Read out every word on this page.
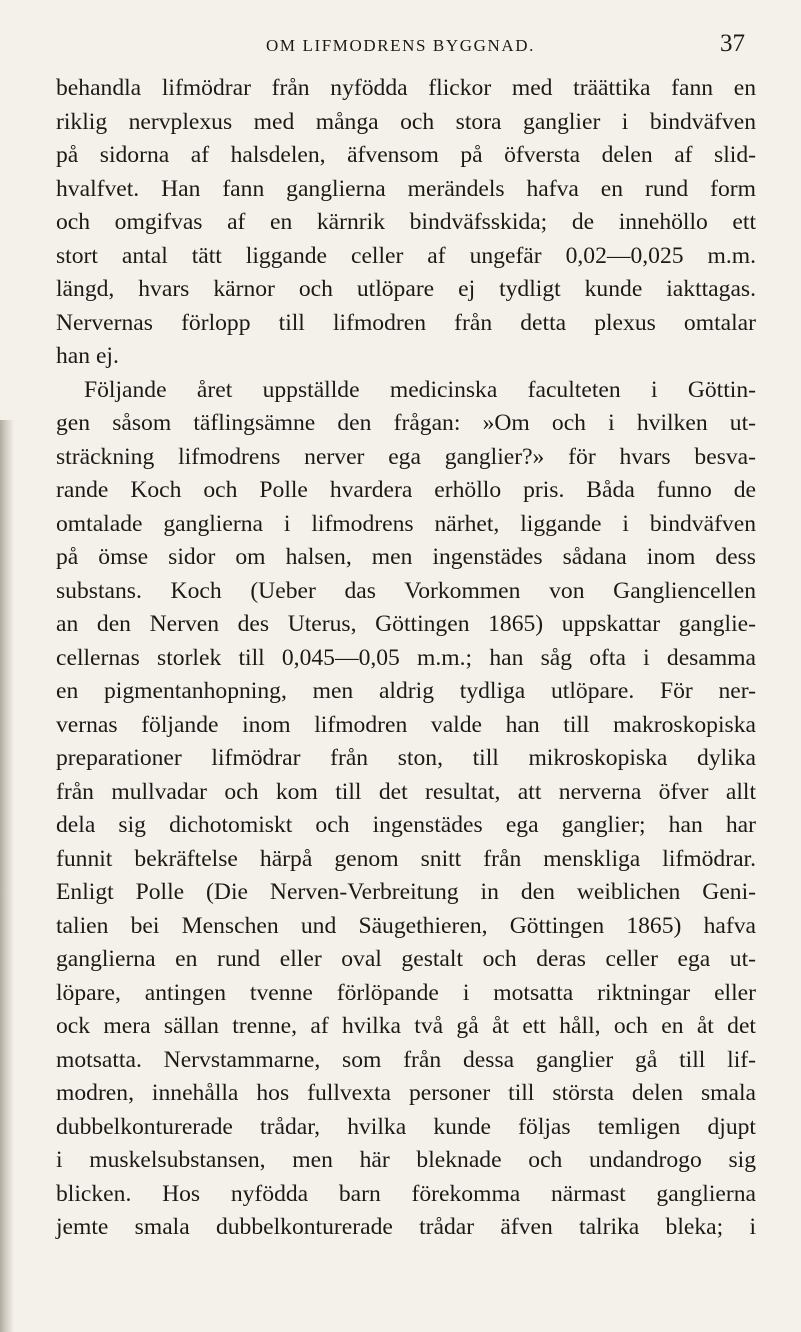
OM LIFMODRENS BYGGNAD.	37
behandla lifmödrar från nyfödda flickor med träättika fann en
riklig nervplexus med många och stora ganglier i bindväfven
på sidorna af halsdelen, äfvensom på öfversta delen af slid-
hvalfvet. Han fann ganglierna merändels hafva en rund form
och omgifvas af en kärnrik bindväfsskida; de innehöllo ett
stort antal tätt liggande celler af ungefär 0,02—0,025 m.m.
längd, hvars kärnor och utlöpare ej tydligt kunde iakttagas.
Nervernas förlopp till lifmodren från detta plexus omtalar
han ej.
Följande året uppställde medicinska faculteten i Göttin-
gen såsom täflingsämne den frågan: »Om och i hvilken ut-
sträckning lifmodrens nerver ega ganglier?» för hvars besva-
rande Koch och Polle hvardera erhöllo pris. Båda funno de
omtalade ganglierna i lifmodrens närhet, liggande i bindväfven
på ömse sidor om halsen, men ingenstädes sådana inom dess
substans. Koch (Ueber das Vorkommen von Gangliencellen
an den Nerven des Uterus, Göttingen 1865) uppskattar ganglie-
cellernas storlek till 0,045—0,05 m.m.; han såg ofta i desamma
en pigmentanhopning, men aldrig tydliga utlöpare. För ner-
vernas följande inom lifmodren valde han till makroskopiska
preparationer lifmödrar från ston, till mikroskopiska dylika
från mullvadar och kom till det resultat, att nerverna öfver allt
dela sig dichotomiskt och ingenstädes ega ganglier; han har
funnit bekräftelse härpå genom snitt från menskliga lifmödrar.
Enligt Polle (Die Nerven-Verbreitung in den weiblichen Geni-
talien bei Menschen und Säugethieren, Göttingen 1865) hafva
ganglierna en rund eller oval gestalt och deras celler ega ut-
löpare, antingen tvenne förlöpande i motsatta riktningar eller
ock mera sällan trenne, af hvilka två gå åt ett håll, och en åt det
motsatta. Nervstammarne, som från dessa ganglier gå till lif-
modren, innehålla hos fullvexta personer till största delen smala
dubbelkonturerade trådar, hvilka kunde följas temligen djupt
i muskelsubstansen, men här bleknade och undandrogo sig
blicken. Hos nyfödda barn förekomma närmast ganglierna
jemte smala dubbelkonturerade trådar äfven talrika bleka; i
